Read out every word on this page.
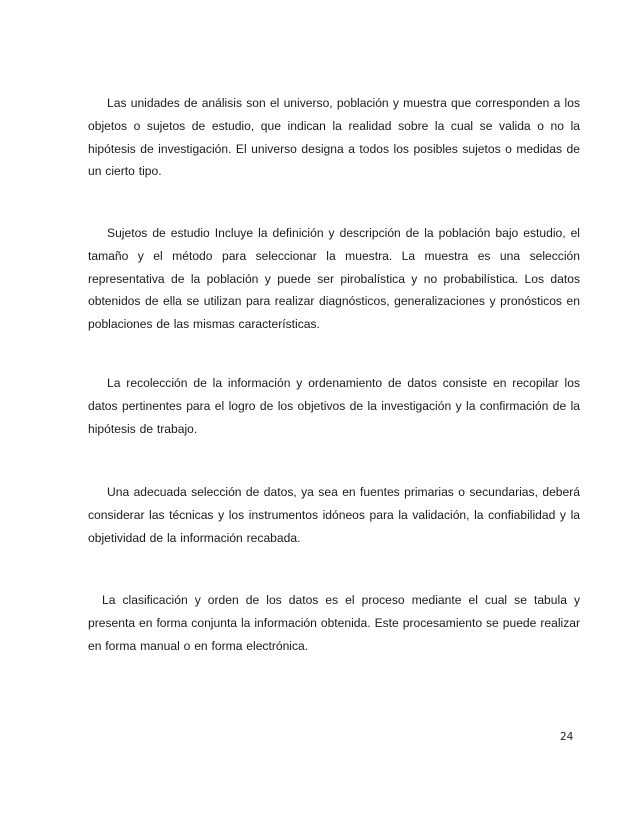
Las unidades de análisis son el universo, población y muestra que corresponden a los objetos o sujetos de estudio, que indican la realidad sobre la cual se valida o no la hipótesis de investigación. El universo designa a todos los posibles sujetos o medidas de un cierto tipo.

Sujetos de estudio Incluye la definición y descripción de la población bajo estudio, el tamaño y el método para seleccionar la muestra. La muestra es una selección representativa de la población y puede ser pirobalística y no probabilística. Los datos obtenidos de ella se utilizan para realizar diagnósticos, generalizaciones y pronósticos en poblaciones de las mismas características.

La recolección de la información y ordenamiento de datos consiste en recopilar los datos pertinentes para el logro de los objetivos de la investigación y la confirmación de la hipótesis de trabajo.

Una adecuada selección de datos, ya sea en fuentes primarias o secundarias, deberá considerar las técnicas y los instrumentos idóneos para la validación, la confiabilidad y la objetividad de la información recabada.

La clasificación y orden de los datos es el proceso mediante el cual se tabula y presenta en forma conjunta la información obtenida. Este procesamiento se puede realizar en forma manual o en forma electrónica.

24
